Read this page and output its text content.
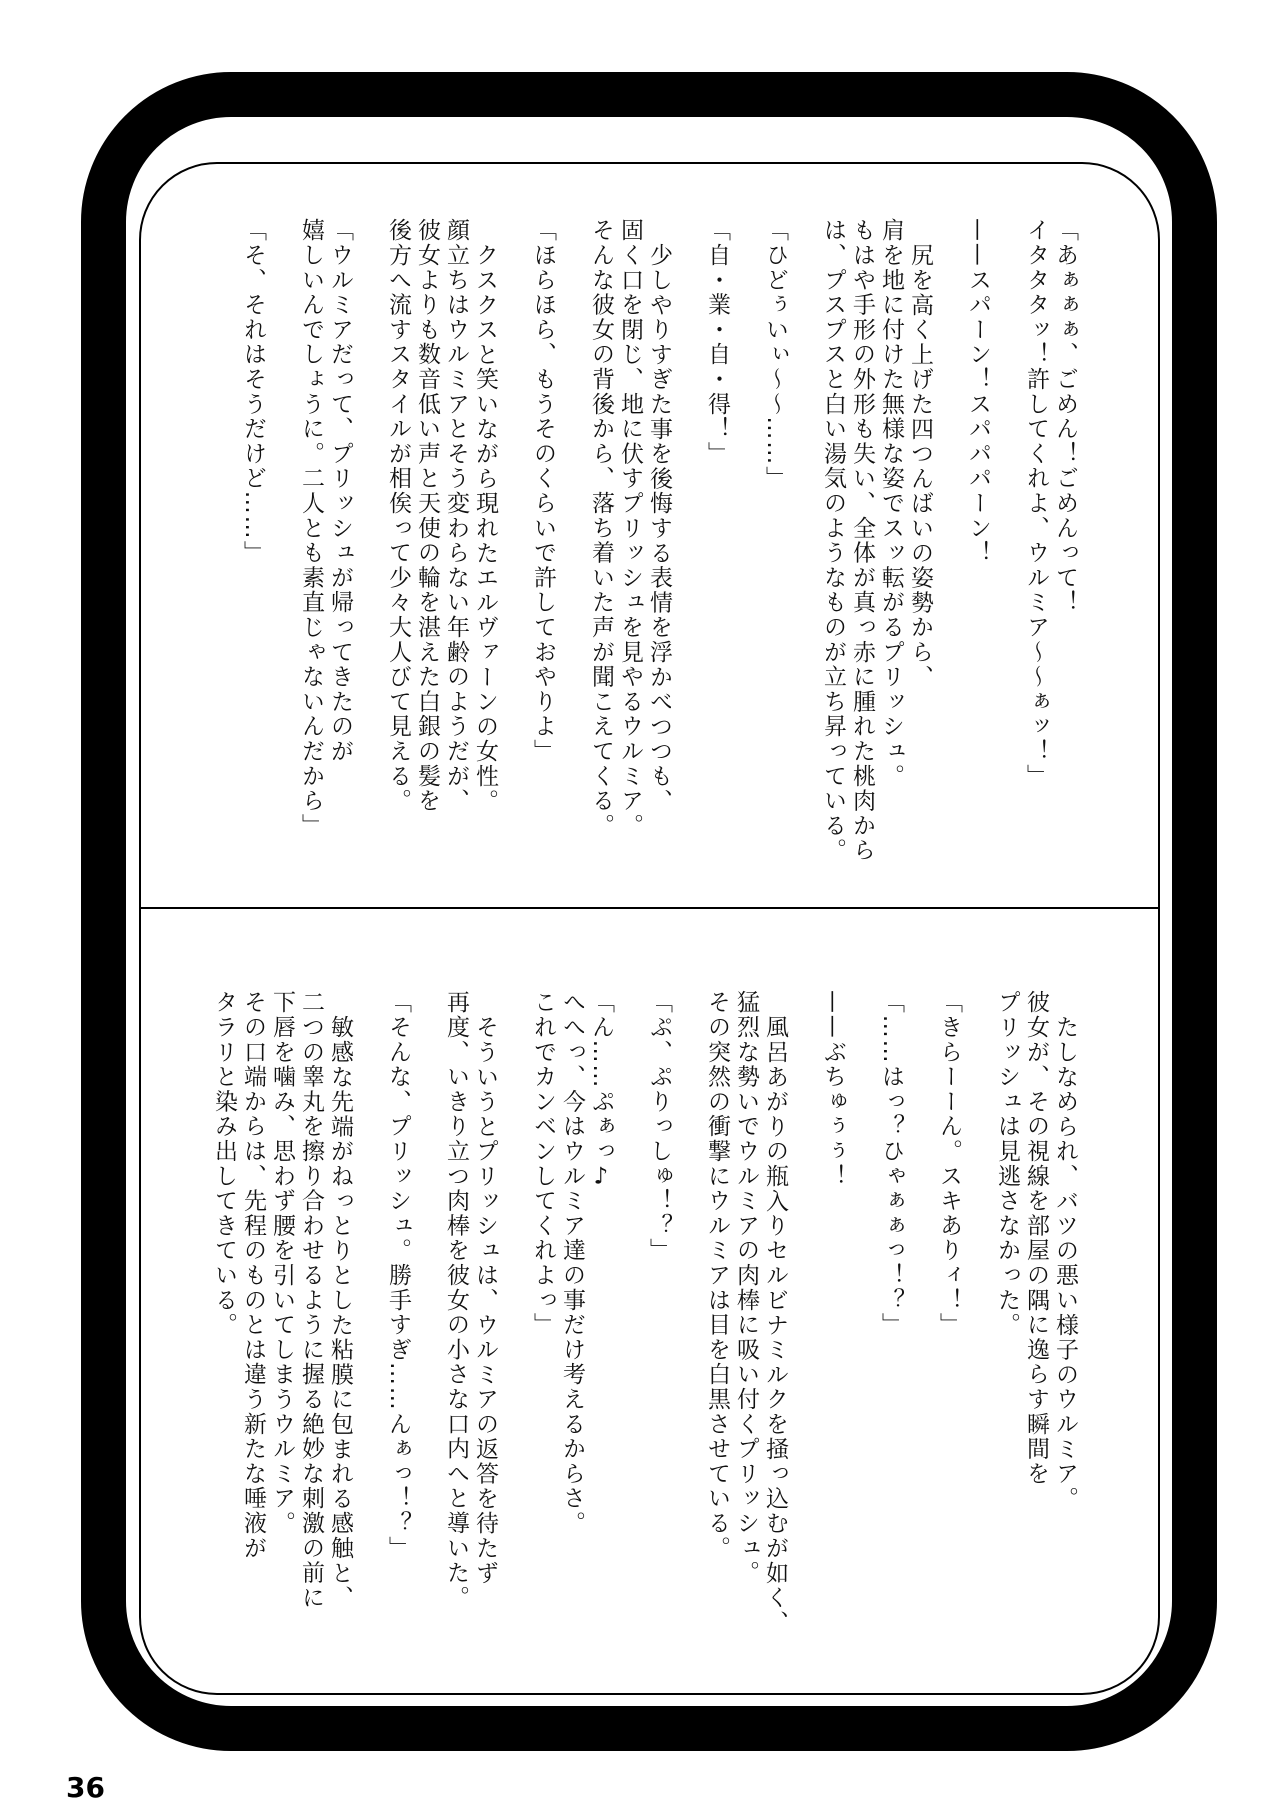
「あぁぁぁ、ごめん！ごめんって！
イタタタッ！許してくれよ、ウルミア〜〜ぁッ！」
——スパーン！スパパパーン！
尻を高く上げた四つんばいの姿勢から、
肩を地に付けた無様な姿でスッ転がるプリッシュ。
もはや手形の外形も失い、全体が真っ赤に腫れた桃肉から
は、プスプスと白い湯気のようなものが立ち昇っている。
「ひどぅいぃ〜〜……」
「自・業・自・得！」
少しやりすぎた事を後悔する表情を浮かべつつも、
固く口を閉じ、地に伏すプリッシュを見やるウルミア。
そんな彼女の背後から、落ち着いた声が聞こえてくる。
「ほらほら、もうそのくらいで許しておやりよ」
クスクスと笑いながら現れたエルヴァーンの女性。
顔立ちはウルミアとそう変わらない年齢のようだが、
彼女よりも数音低い声と天使の輪を湛えた白銀の髪を
後方へ流すスタイルが相俟って少々大人びて見える。
「ウルミアだって、プリッシュが帰ってきたのが
嬉しいんでしょうに。二人とも素直じゃないんだから」
「そ、それはそうだけど……」
たしなめられ、バツの悪い様子のウルミア。
彼女が、その視線を部屋の隅に逸らす瞬間を
プリッシュは見逃さなかった。
「きらーーん。スキありィ！」
「……はっ？ひゃぁぁっ！？」
——ぶちゅぅぅ！
風呂あがりの瓶入りセルビナミルクを掻っ込むが如く、
猛烈な勢いでウルミアの肉棒に吸い付くプリッシュ。
その突然の衝撃にウルミアは目を白黒させている。
「ぷ、ぷりっしゅ！？」
「ん……ぷぁっ♪
へへっ、今はウルミア達の事だけ考えるからさ。
これでカンベンしてくれよっ」
そういうとプリッシュは、ウルミアの返答を待たず
再度、いきり立つ肉棒を彼女の小さな口内へと導いた。
「そんな、プリッシュ。勝手すぎ……んぁっ！？」
敏感な先端がねっとりとした粘膜に包まれる感触と、
二つの睾丸を擦り合わせるように握る絶妙な刺激の前に
下唇を噛み、思わず腰を引いてしまうウルミア。
その口端からは、先程のものとは違う新たな唾液が
タラリと染み出してきている。
36
